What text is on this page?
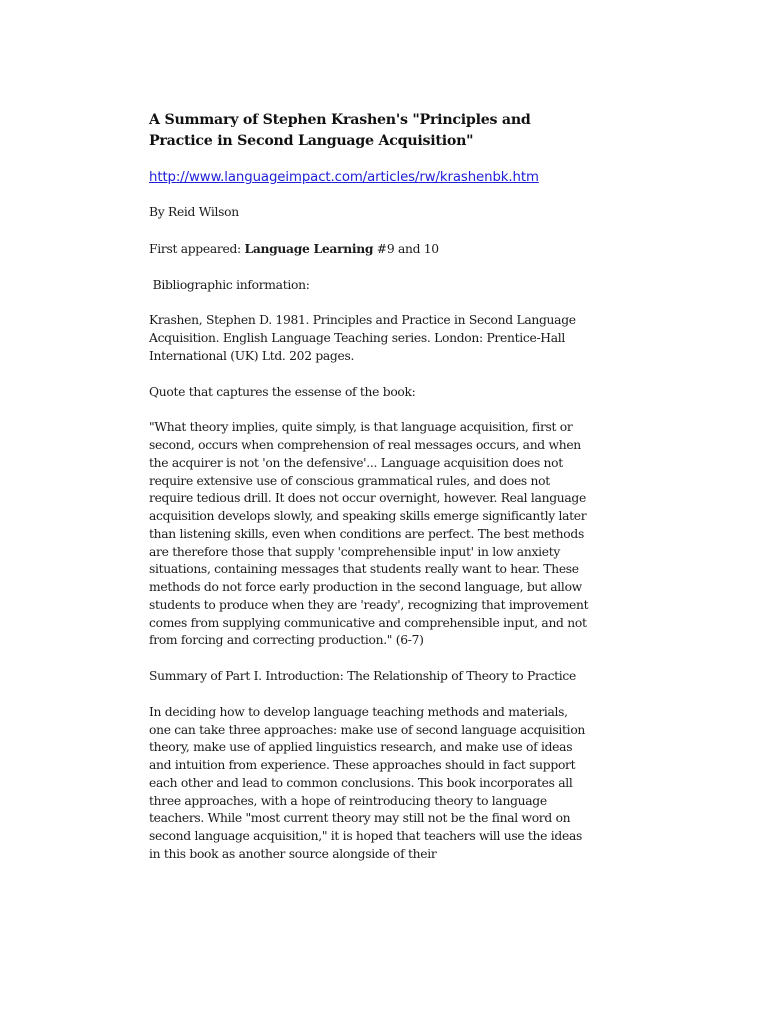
A Summary of Stephen Krashen's "Principles and Practice in Second Language Acquisition"
http://www.languageimpact.com/articles/rw/krashenbk.htm

By Reid Wilson

First appeared: Language Learning #9 and 10

Bibliographic information:

Krashen, Stephen D. 1981. Principles and Practice in Second Language Acquisition. English Language Teaching series. London: Prentice-Hall International (UK) Ltd. 202 pages.

Quote that captures the essense of the book:

"What theory implies, quite simply, is that language acquisition, first or second, occurs when comprehension of real messages occurs, and when the acquirer is not 'on the defensive'... Language acquisition does not require extensive use of conscious grammatical rules, and does not require tedious drill. It does not occur overnight, however. Real language acquisition develops slowly, and speaking skills emerge significantly later than listening skills, even when conditions are perfect. The best methods are therefore those that supply 'comprehensible input' in low anxiety situations, containing messages that students really want to hear. These methods do not force early production in the second language, but allow students to produce when they are 'ready', recognizing that improvement comes from supplying communicative and comprehensible input, and not from forcing and correcting production." (6-7)

Summary of Part I. Introduction: The Relationship of Theory to Practice

In deciding how to develop language teaching methods and materials, one can take three approaches: make use of second language acquisition theory, make use of applied linguistics research, and make use of ideas and intuition from experience. These approaches should in fact support each other and lead to common conclusions. This book incorporates all three approaches, with a hope of reintroducing theory to language teachers. While "most current theory may still not be the final word on second language acquisition," it is hoped that teachers will use the ideas in this book as another source alongside of their
